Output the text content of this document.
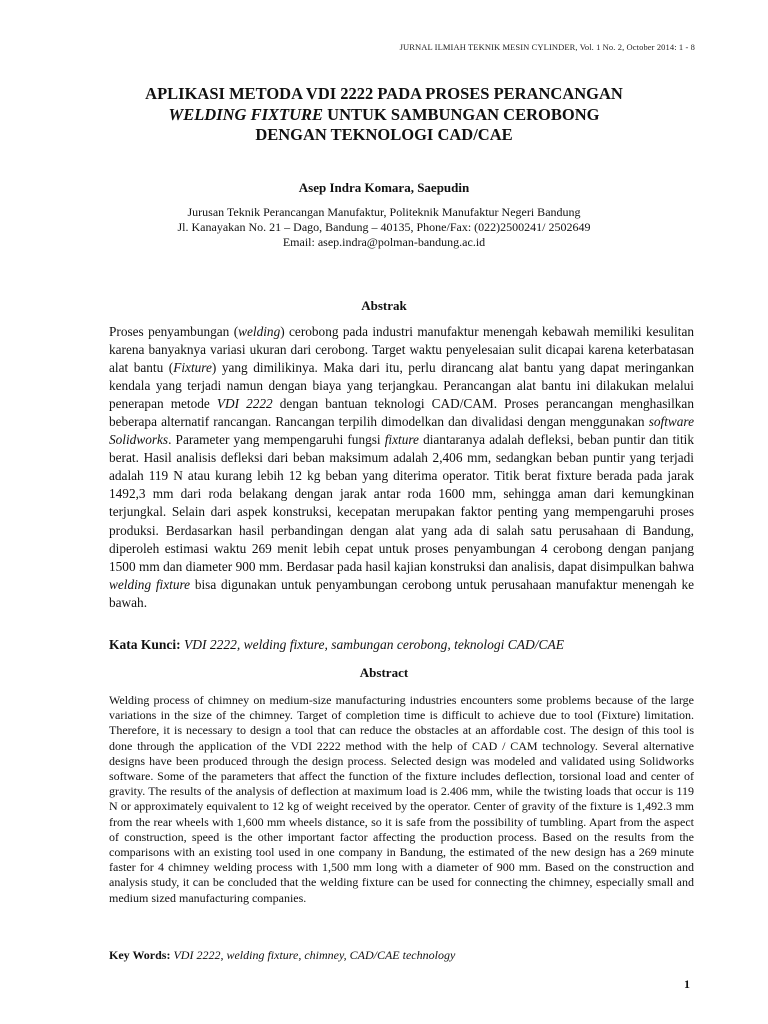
JURNAL ILMIAH TEKNIK MESIN CYLINDER, Vol. 1 No. 2, October 2014: 1 - 8
APLIKASI METODA VDI 2222 PADA PROSES PERANCANGAN
WELDING FIXTURE UNTUK SAMBUNGAN CEROBONG
DENGAN TEKNOLOGI CAD/CAE
Asep Indra Komara, Saepudin
Jurusan Teknik Perancangan Manufaktur, Politeknik Manufaktur Negeri Bandung
Jl. Kanayakan No. 21 – Dago, Bandung – 40135, Phone/Fax: (022)2500241/ 2502649
Email: asep.indra@polman-bandung.ac.id
Abstrak

Proses penyambungan (welding) cerobong pada industri manufaktur menengah kebawah memiliki kesulitan karena banyaknya variasi ukuran dari cerobong. Target waktu penyelesaian sulit dicapai karena keterbatasan alat bantu (Fixture) yang dimilikinya. Maka dari itu, perlu dirancang alat bantu yang dapat meringankan kendala yang terjadi namun dengan biaya yang terjangkau. Perancangan alat bantu ini dilakukan melalui penerapan metode VDI 2222 dengan bantuan teknologi CAD/CAM. Proses perancangan menghasilkan beberapa alternatif rancangan. Rancangan terpilih dimodelkan dan divalidasi dengan menggunakan software Solidworks. Parameter yang mempengaruhi fungsi fixture diantaranya adalah defleksi, beban puntir dan titik berat. Hasil analisis defleksi dari beban maksimum adalah 2,406 mm, sedangkan beban puntir yang terjadi adalah 119 N atau kurang lebih 12 kg beban yang diterima operator. Titik berat fixture berada pada jarak 1492,3 mm dari roda belakang dengan jarak antar roda 1600 mm, sehingga aman dari kemungkinan terjungkal. Selain dari aspek konstruksi, kecepatan merupakan faktor penting yang mempengaruhi proses produksi. Berdasarkan hasil perbandingan dengan alat yang ada di salah satu perusahaan di Bandung, diperoleh estimasi waktu 269 menit lebih cepat untuk proses penyambungan 4 cerobong dengan panjang 1500 mm dan diameter 900 mm. Berdasar pada hasil kajian konstruksi dan analisis, dapat disimpulkan bahwa welding fixture bisa digunakan untuk penyambungan cerobong untuk perusahaan manufaktur menengah ke bawah.

Kata Kunci: VDI 2222, welding fixture, sambungan cerobong, teknologi CAD/CAE

Abstract

Welding process of chimney on medium-size manufacturing industries encounters some problems because of the large variations in the size of the chimney. Target of completion time is difficult to achieve due to tool (Fixture) limitation. Therefore, it is necessary to design a tool that can reduce the obstacles at an affordable cost. The design of this tool is done through the application of the VDI 2222 method with the help of CAD / CAM technology. Several alternative designs have been produced through the design process. Selected design was modeled and validated using Solidworks software. Some of the parameters that affect the function of the fixture includes deflection, torsional load and center of gravity. The results of the analysis of deflection at maximum load is 2.406 mm, while the twisting loads that occur is 119 N or approximately equivalent to 12 kg of weight received by the operator. Center of gravity of the fixture is 1,492.3 mm from the rear wheels with 1,600 mm wheels distance, so it is safe from the possibility of tumbling. Apart from the aspect of construction, speed is the other important factor affecting the production process. Based on the results from the comparisons with an existing tool used in one company in Bandung, the estimated of the new design has a 269 minute faster for 4 chimney welding process with 1,500 mm long with a diameter of 900 mm. Based on the construction and analysis study, it can be concluded that the welding fixture can be used for connecting the chimney, especially small and medium sized manufacturing companies.

Key Words: VDI 2222, welding fixture, chimney, CAD/CAE technology

1
